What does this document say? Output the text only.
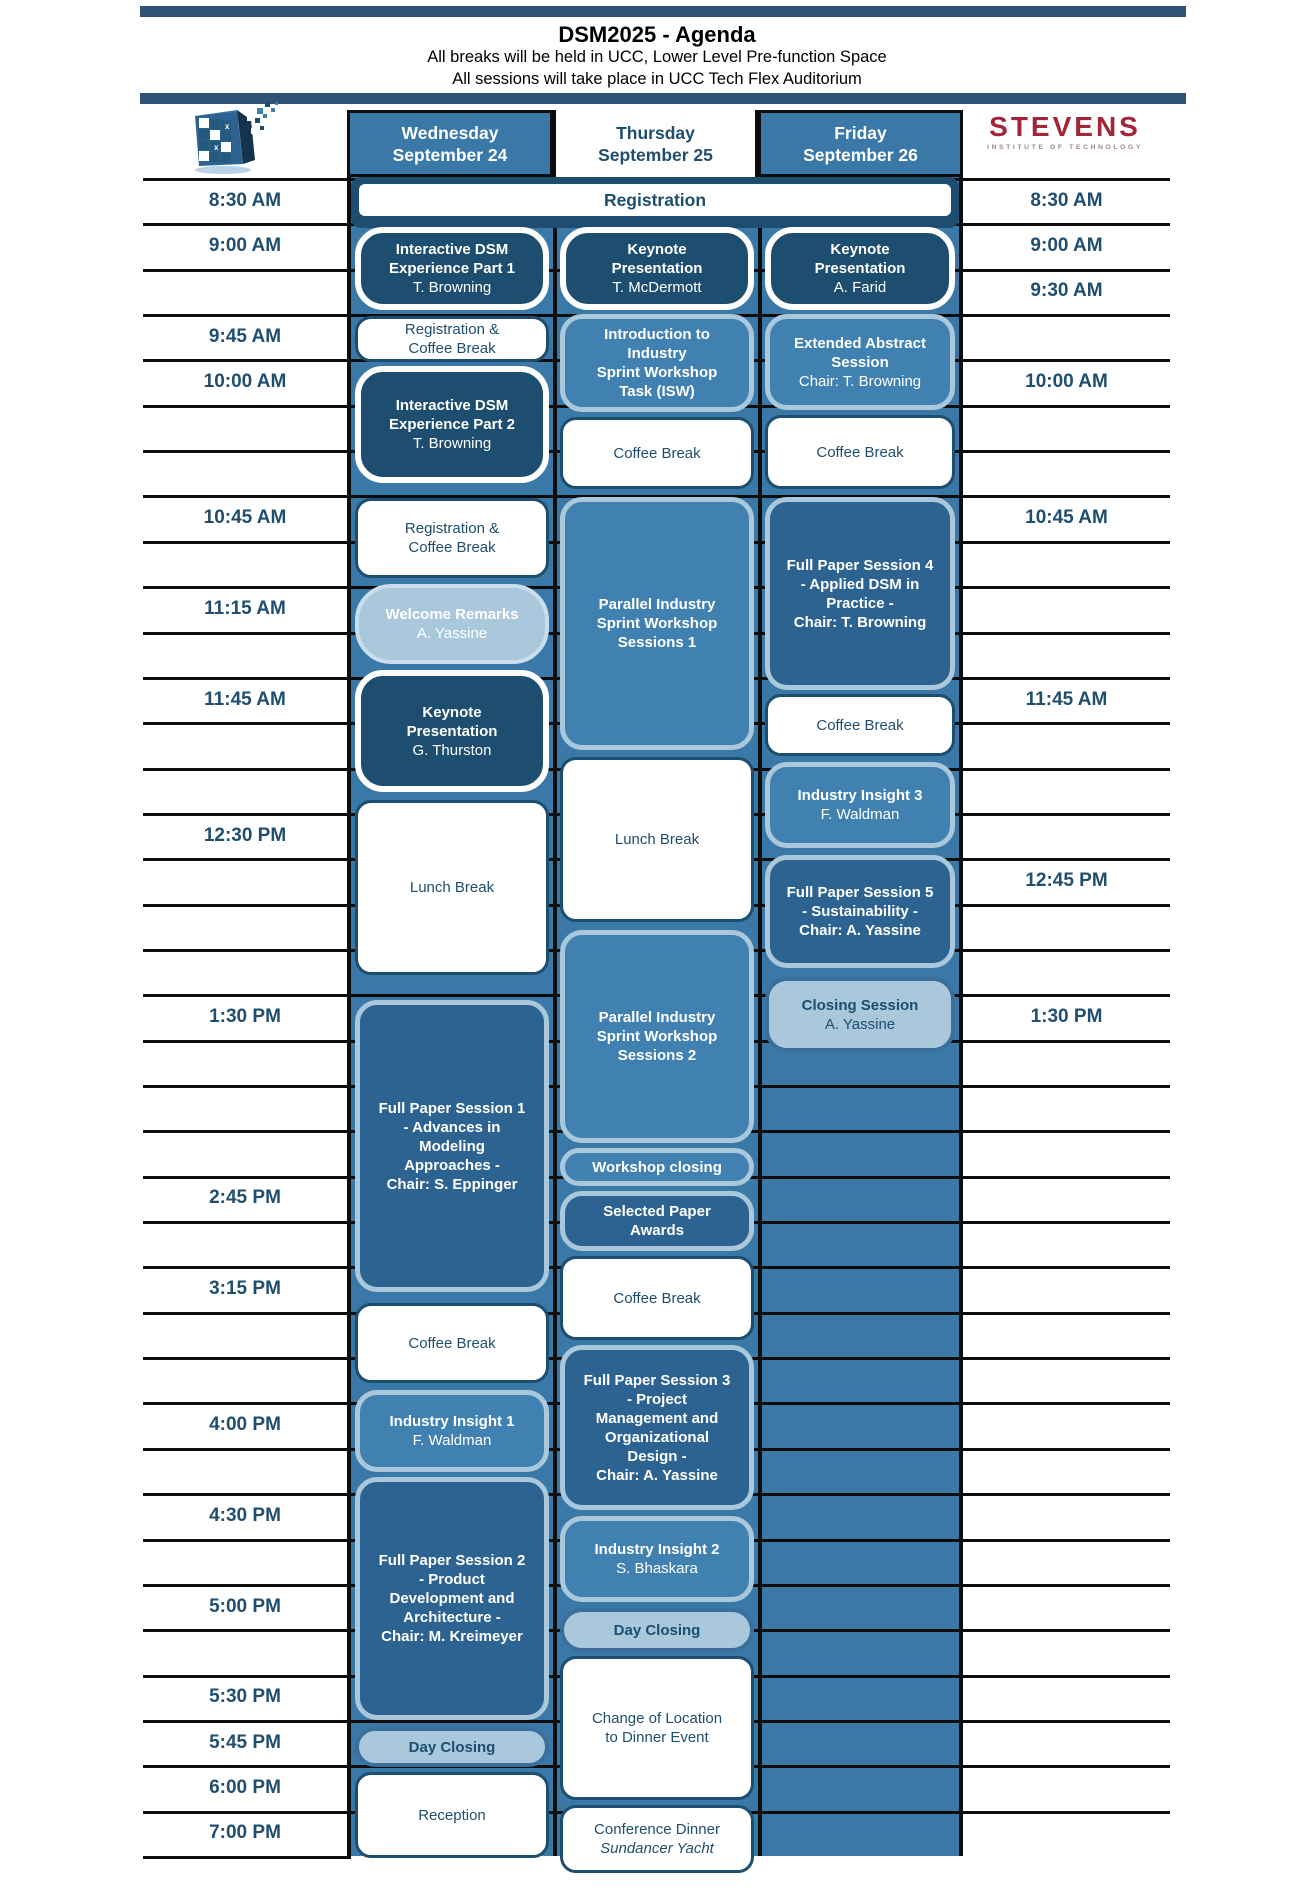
DSM2025 - Agenda
All breaks will be held in UCC, Lower Level Pre-function Space
All sessions will take place in UCC Tech Flex Auditorium
x
x
STEVENS
INSTITUTE OF TECHNOLOGY
Wednesday
September 24
Thursday
September 25
Friday
September 26
8:30 AM
9:00 AM
9:45 AM
10:00 AM
10:45 AM
11:15 AM
11:45 AM
12:30 PM
1:30 PM
2:45 PM
3:15 PM
4:00 PM
4:30 PM
5:00 PM
5:30 PM
5:45 PM
6:00 PM
7:00 PM
8:30 AM
9:00 AM
9:30 AM
10:00 AM
10:45 AM
11:45 AM
12:45 PM
1:30 PM
Registration
Interactive DSM
Experience Part 1
T. Browning
Keynote
Presentation
T. McDermott
Keynote
Presentation
A. Farid
Registration &
Coffee Break
Introduction to
Industry
Sprint Workshop
Task (ISW)
Extended Abstract
Session
Chair: T. Browning
Interactive DSM
Experience Part 2
T. Browning
Coffee Break	Coffee Break
Registration &
Coffee Break
Parallel Industry
Sprint Workshop
Sessions 1
Full Paper Session 4
- Applied DSM in
Practice -
Chair: T. Browning
Welcome Remarks
A. Yassine
Keynote
Presentation
G. Thurston
Coffee Break
Lunch Break
Industry Insight 3
F. Waldman
Lunch Break	Full Paper Session 5
- Sustainability -
Chair: A. Yassine
Parallel Industry
Sprint Workshop
Sessions 2
Closing Session
A. Yassine
Full Paper Session 1
- Advances in
Modeling
Approaches -
Chair: S. Eppinger
Workshop closing
Selected Paper
Awards
Coffee Break
Coffee Break
Full Paper Session 3
- Project
Management and
Organizational
Design -
Chair: A. Yassine
Industry Insight 1
F. Waldman
Full Paper Session 2
- Product
Development and
Architecture -
Chair: M. Kreimeyer
Industry Insight 2
S. Bhaskara
Day Closing
Change of Location
to Dinner Event
Day Closing
Reception
Conference Dinner
Sundancer Yacht
